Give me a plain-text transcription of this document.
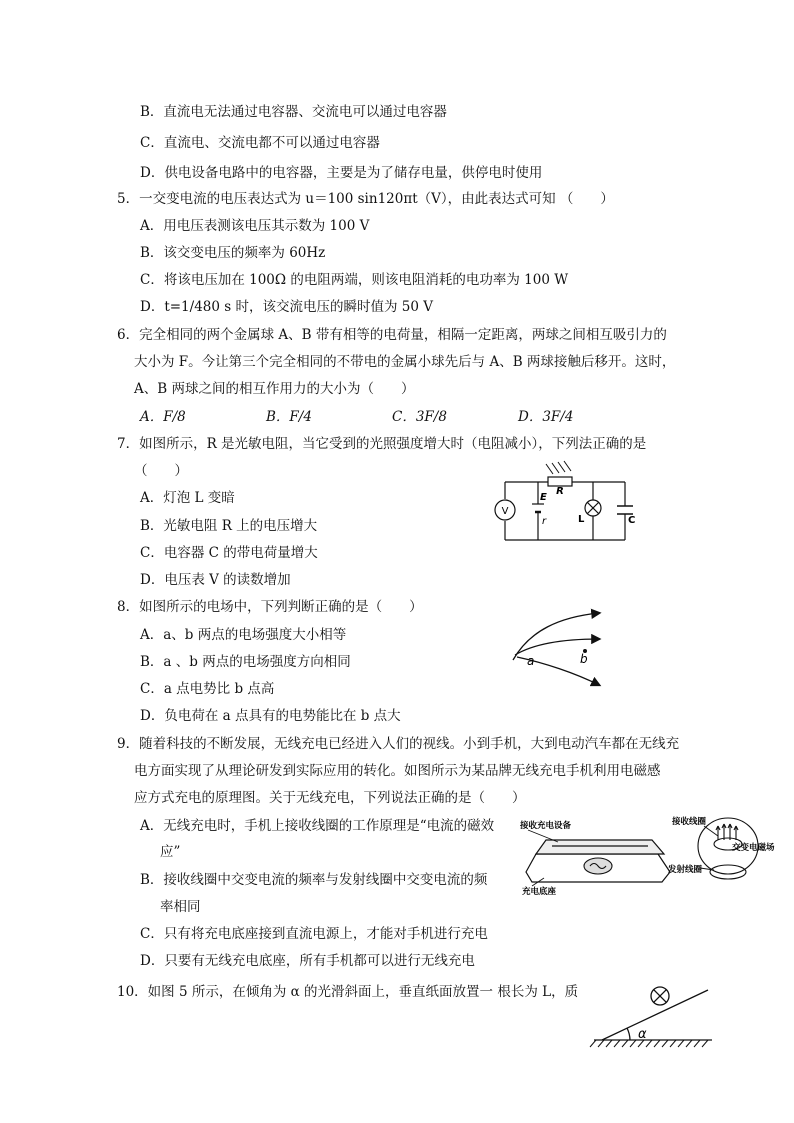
B．直流电无法通过电容器、交流电可以通过电容器
C．直流电、交流电都不可以通过电容器
D．供电设备电路中的电容器，主要是为了储存电量，供停电时使用
5．一交变电流的电压表达式为 u＝100 sin120πt（V），由此表达式可知 （　　）
A．用电压表测该电压其示数为 100 V
B．该交变电压的频率为 60Hz
C．将该电压加在 100Ω 的电阻两端，则该电阻消耗的电功率为 100 W
D．t=1/480 s 时，该交流电压的瞬时值为 50 V
6．完全相同的两个金属球 A、B 带有相等的电荷量，相隔一定距离，两球之间相互吸引力的
大小为 F。今让第三个完全相同的不带电的金属小球先后与 A、B 两球接触后移开。这时，
A、B 两球之间的相互作用力的大小为（　　）
A．F/8	B．F/4	C．3F/8	D．3F/4
7．如图所示，R 是光敏电阻，当它受到的光照强度增大时（电阻减小），下列法正确的是
（　　）
A．灯泡 L 变暗
B．光敏电阻 R 上的电压增大
C．电容器 C 的带电荷量增大
D．电压表 V 的读数增加
R
V
E
r	L	C
8．如图所示的电场中，下列判断正确的是（　　）
A．a、b 两点的电场强度大小相等
B．a 、b 两点的电场强度方向相同
C．a 点电势比 b 点高
D．负电荷在 a 点具有的电势能比在 b 点大
a	b
9．随着科技的不断发展，无线充电已经进入人们的视线。小到手机，大到电动汽车都在无线充
电方面实现了从理论研发到实际应用的转化。如图所示为某品牌无线充电手机利用电磁感
应方式充电的原理图。关于无线充电，下列说法正确的是（　　）
A．无线充电时，手机上接收线圈的工作原理是“电流的磁效
应”
B．接收线圈中交变电流的频率与发射线圈中交变电流的频
率相同
C．只有将充电底座接到直流电源上，才能对手机进行充电
D．只要有无线充电底座，所有手机都可以进行无线充电
接收充电设备
充电底座
接收线圈
交变电磁场
发射线圈
10．如图 5 所示，在倾角为 α 的光滑斜面上，垂直纸面放置一 根长为 L，质
α
